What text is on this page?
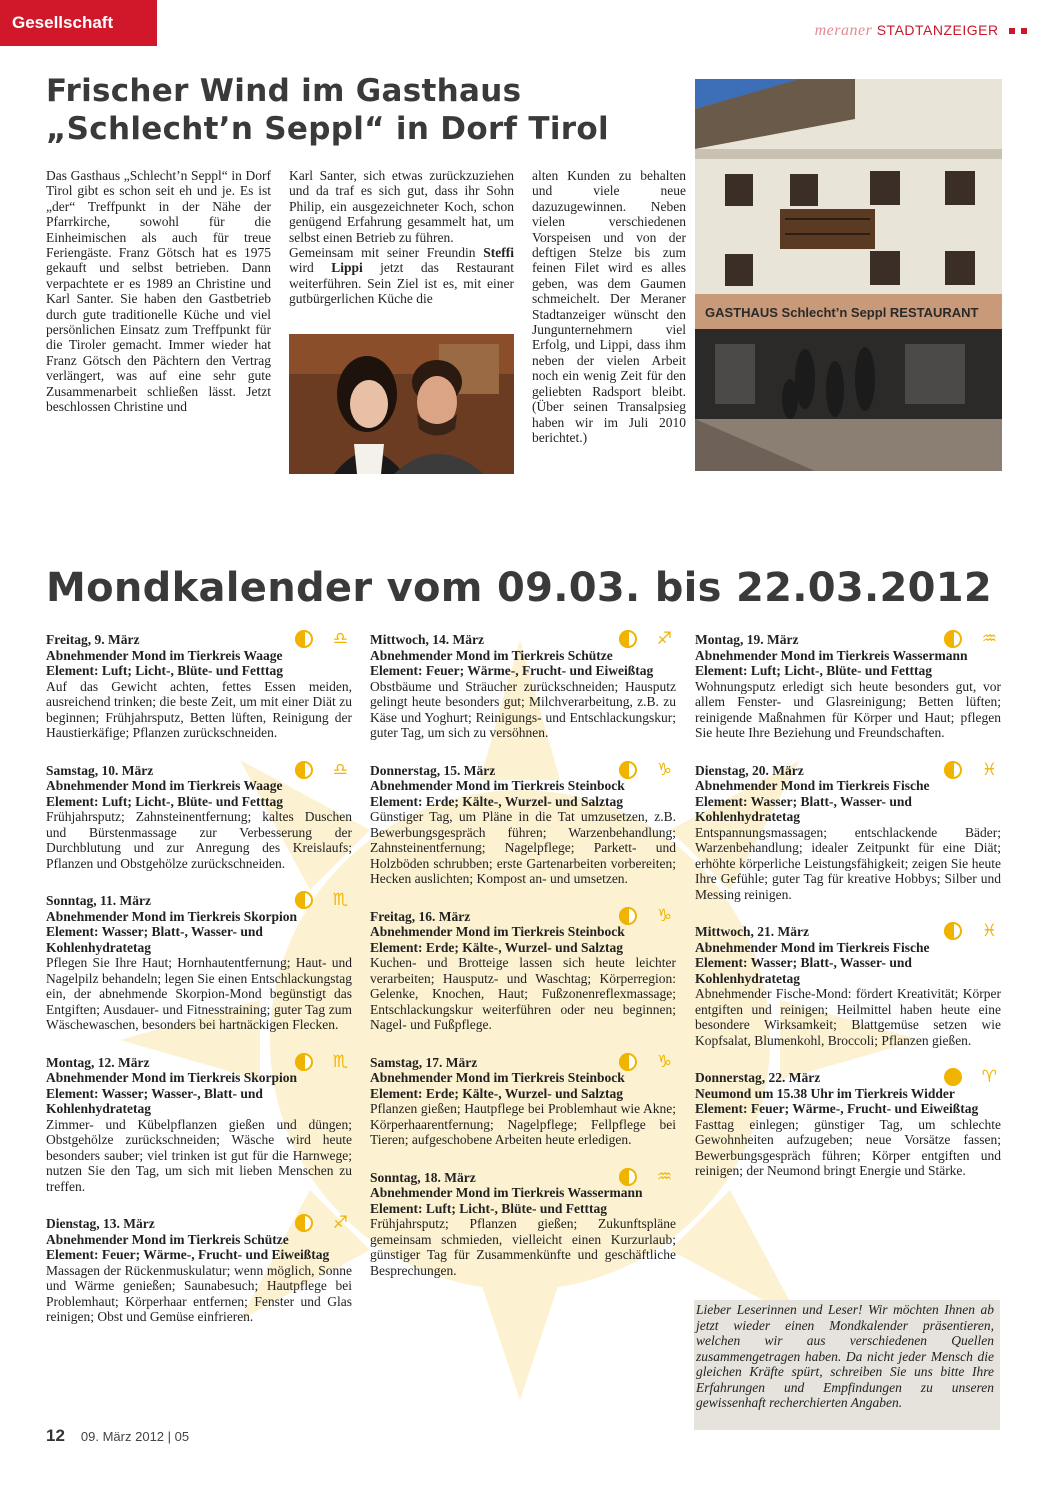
Gesellschaft	meraner STADTANZEIGER
Frischer Wind im Gasthaus
„Schlecht’n Seppl“ in Dorf Tirol

Das Gasthaus „Schlecht’n Seppl“ in Dorf Tirol gibt es schon seit eh und je. Es ist „der“ Treffpunkt in der Nähe der Pfarrkirche, sowohl für die Einheimischen als auch für treue Feriengäste. Franz Götsch hat es 1975 gekauft und selbst betrieben. Dann verpachtete er es 1989 an Christine und Karl Santer. Sie haben den Gastbetrieb durch gute traditionelle Küche und viel persönlichen Einsatz zum Treffpunkt für die Tiroler gemacht. Immer wieder hat Franz Götsch den Pächtern den Vertrag verlängert, was auf eine sehr gute Zusammenarbeit schließen lässt. Jetzt beschlossen Christine und

Karl Santer, sich etwas zurückzuziehen und da traf es sich gut, dass ihr Sohn Philip, ein ausgezeichneter Koch, schon genügend Erfahrung gesammelt hat, um selbst einen Betrieb zu führen.

Gemeinsam mit seiner Freundin Steffi wird Lippi jetzt das Restaurant weiterführen. Sein Ziel ist es, mit einer gutbürgerlichen Küche die

alten Kunden zu behalten und viele neue dazuzugewinnen. Neben vielen verschiedenen Vorspeisen und von der deftigen Stelze bis zum feinen Filet wird es alles geben, was dem Gaumen schmeichelt. Der Meraner Stadtanzeiger wünscht den Jungunternehmern viel Erfolg, und Lippi, dass ihm neben der vielen Arbeit noch ein wenig Zeit für den geliebten Radsport bleibt. (Über seinen Transalpsieg haben wir im Juli 2010 berichtet.)

GASTHAUS Schlecht’n Seppl RESTAURANT
Mondkalender vom 09.03. bis 22.03.2012
♎
Freitag, 9. März
Abnehmender Mond im Tierkreis Waage
Element: Luft; Licht-, Blüte- und Fetttag
Auf das Gewicht achten, fettes Essen meiden, ausreichend trinken; die beste Zeit, um mit einer Diät zu beginnen; Frühjahrsputz, Betten lüften, Reinigung der Haustierkäfige; Pflanzen zurückschneiden.
♎
Samstag, 10. März
Abnehmender Mond im Tierkreis Waage
Element: Luft; Licht-, Blüte- und Fetttag
Frühjahrsputz; Zahnsteinentfernung; kaltes Duschen und Bürstenmassage zur Verbesserung der Durchblutung und zur Anregung des Kreislaufs; Pflanzen und Obstgehölze zurückschneiden.
♏
Sonntag, 11. März
Abnehmender Mond im Tierkreis Skorpion
Element: Wasser; Blatt-, Wasser- und Kohlenhydratetag
Pflegen Sie Ihre Haut; Hornhautentfernung; Haut- und Nagelpilz behandeln; legen Sie einen Entschlackungstag ein, der abnehmende Skorpion-Mond begünstigt das Entgiften; Ausdauer- und Fitnesstraining; guter Tag zum Wäschewaschen, besonders bei hartnäckigen Flecken.
♏
Montag, 12. März
Abnehmender Mond im Tierkreis Skorpion
Element: Wasser; Wasser-, Blatt- und Kohlenhydratetag
Zimmer- und Kübelpflanzen gießen und düngen; Obstgehölze zurückschneiden; Wäsche wird heute besonders sauber; viel trinken ist gut für die Harnwege; nutzen Sie den Tag, um sich mit lieben Menschen zu treffen.
♐
Dienstag, 13. März
Abnehmender Mond im Tierkreis Schütze
Element: Feuer; Wärme-, Frucht- und Eiweißtag
Massagen der Rückenmuskulatur; wenn möglich, Sonne und Wärme genießen; Saunabesuch; Hautpflege bei Problemhaut; Körperhaar entfernen; Fenster und Glas reinigen; Obst und Gemüse einfrieren.
♐
Mittwoch, 14. März
Abnehmender Mond im Tierkreis Schütze
Element: Feuer; Wärme-, Frucht- und Eiweißtag
Obstbäume und Sträucher zurückschneiden; Hausputz gelingt heute besonders gut; Milchverarbeitung, z.B. zu Käse und Yoghurt; Reinigungs- und Entschlackungskur; guter Tag, um sich zu versöhnen.
♑
Donnerstag, 15. März
Abnehmender Mond im Tierkreis Steinbock
Element: Erde; Kälte-, Wurzel- und Salztag
Günstiger Tag, um Pläne in die Tat umzusetzen, z.B. Bewerbungsgespräch führen; Warzenbehandlung; Zahnsteinentfernung; Nagelpflege; Parkett- und Holzböden schrubben; erste Gartenarbeiten vorbereiten; Hecken auslichten; Kompost an- und umsetzen.
♑
Freitag, 16. März
Abnehmender Mond im Tierkreis Steinbock
Element: Erde; Kälte-, Wurzel- und Salztag
Kuchen- und Brotteige lassen sich heute leichter verarbeiten; Hausputz- und Waschtag; Körperregion: Gelenke, Knochen, Haut; Fußzonenreflexmassage; Entschlackungskur weiterführen oder neu beginnen; Nagel- und Fußpflege.
♑
Samstag, 17. März
Abnehmender Mond im Tierkreis Steinbock
Element: Erde; Kälte-, Wurzel- und Salztag
Pflanzen gießen; Hautpflege bei Problemhaut wie Akne; Körperhaarentfernung; Nagelpflege; Fellpflege bei Tieren; aufgeschobene Arbeiten heute erledigen.
♒
Sonntag, 18. März
Abnehmender Mond im Tierkreis Wassermann
Element: Luft; Licht-, Blüte- und Fetttag
Frühjahrsputz; Pflanzen gießen; Zukunftspläne gemeinsam schmieden, vielleicht einen Kurzurlaub; günstiger Tag für Zusammenkünfte und geschäftliche Besprechungen.
♒
Montag, 19. März
Abnehmender Mond im Tierkreis Wassermann
Element: Luft; Licht-, Blüte- und Fetttag
Wohnungsputz erledigt sich heute besonders gut, vor allem Fenster- und Glasreinigung; Betten lüften; reinigende Maßnahmen für Körper und Haut; pflegen Sie heute Ihre Beziehung und Freundschaften.
♓
Dienstag, 20. März
Abnehmender Mond im Tierkreis Fische
Element: Wasser; Blatt-, Wasser- und Kohlenhydratetag
Entspannungsmassagen; entschlackende Bäder; Warzenbehandlung; idealer Zeitpunkt für eine Diät; erhöhte körperliche Leistungsfähigkeit; zeigen Sie heute Ihre Gefühle; guter Tag für kreative Hobbys; Silber und Messing reinigen.
♓
Mittwoch, 21. März
Abnehmender Mond im Tierkreis Fische
Element: Wasser; Blatt-, Wasser- und Kohlenhydratetag
Abnehmender Fische-Mond: fördert Kreativität; Körper entgiften und reinigen; Heilmittel haben heute eine besondere Wirksamkeit; Blattgemüse setzen wie Kopfsalat, Blumenkohl, Broccoli; Pflanzen gießen.
♈
Donnerstag, 22. März
Neumond um 15.38 Uhr im Tierkreis Widder
Element: Feuer; Wärme-, Frucht- und Eiweißtag
Fasttag einlegen; günstiger Tag, um schlechte Gewohnheiten aufzugeben; neue Vorsätze fassen; Bewerbungsgespräch führen; Körper entgiften und reinigen; der Neumond bringt Energie und Stärke.
Lieber Leserinnen und Leser! Wir möchten Ihnen ab jetzt wieder einen Mondkalender präsentieren, welchen wir aus verschiedenen Quellen zusammengetragen haben. Da nicht jeder Mensch die gleichen Kräfte spürt, schreiben Sie uns bitte Ihre Erfahrungen und Empfindungen zu unseren gewissenhaft recherchierten Angaben.
12 09. März 2012 | 05
